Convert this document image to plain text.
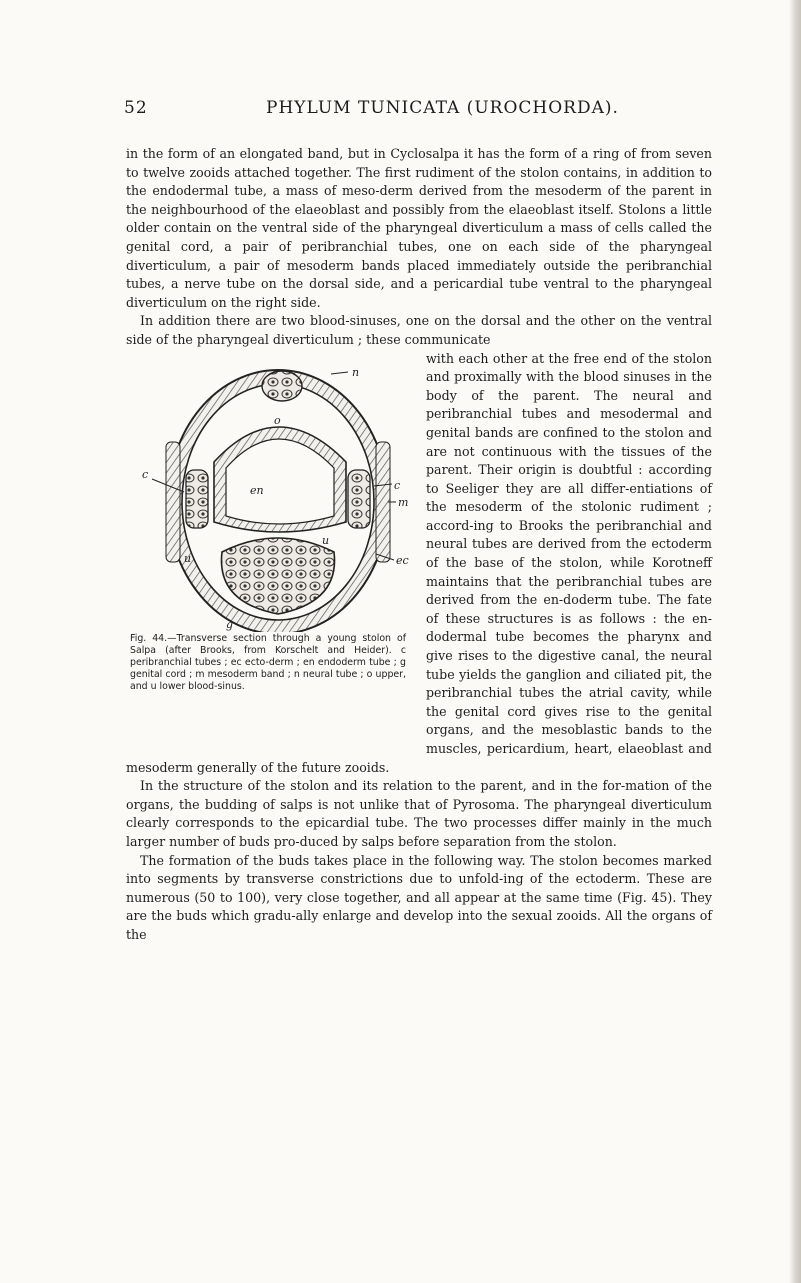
52	PHYLUM TUNICATA (UROCHORDA).

in the form of an elongated band, but in Cyclosalpa it has the form of a ring of from seven to twelve zooids attached together. The first rudiment of the stolon contains, in addition to the endodermal tube, a mass of meso-derm derived from the mesoderm of the parent in the neighbourhood of the elaeoblast and possibly from the elaeoblast itself. Stolons a little older contain on the ventral side of the pharyngeal diverticulum a mass of cells called the genital cord, a pair of peribranchial tubes, one on each side of the pharyngeal diverticulum, a pair of mesoderm bands placed immediately outside the peribranchial tubes, a nerve tube on the dorsal side, and a pericardial tube ventral to the pharyngeal diverticulum on the right side.

In addition there are two blood-sinuses, one on the dorsal and the other on the ventral side of the pharyngeal diverticulum ; these communicate

n
o
c
c
en
m
u
u
ec
g
Fig. 44.—Transverse section through a young stolon of Salpa (after Brooks, from Korschelt and Heider). c peribranchial tubes ; ec ecto-derm ; en endoderm tube ; g genital cord ; m mesoderm band ; n neural tube ; o upper, and u lower blood-sinus.

with each other at the free end of the stolon and proximally with the blood sinuses in the body of the parent. The neural and peribranchial tubes and mesodermal and genital bands are confined to the stolon and are not continuous with the tissues of the parent. Their origin is doubtful : according to Seeliger they are all differ-entiations of the mesoderm of the stolonic rudiment ; accord-ing to Brooks the peribranchial and neural tubes are derived from the ectoderm of the base of the stolon, while Korotneff maintains that the peribranchial tubes are derived from the en-doderm tube. The fate of these structures is as follows : the en-dodermal tube becomes the pharynx and give rises to the digestive canal, the neural tube yields the ganglion and ciliated pit, the peribranchial tubes the atrial cavity, while the genital cord gives rise to the genital organs, and the mesoblastic bands to the muscles, pericardium, heart, elaeoblast and mesoderm generally of the future zooids.

In the structure of the stolon and its relation to the parent, and in the for-mation of the organs, the budding of salps is not unlike that of Pyrosoma. The pharyngeal diverticulum clearly corresponds to the epicardial tube. The two processes differ mainly in the much larger number of buds pro-duced by salps before separation from the stolon.

The formation of the buds takes place in the following way. The stolon becomes marked into segments by transverse constrictions due to unfold-ing of the ectoderm. These are numerous (50 to 100), very close together, and all appear at the same time (Fig. 45). They are the buds which gradu-ally enlarge and develop into the sexual zooids. All the organs of the
